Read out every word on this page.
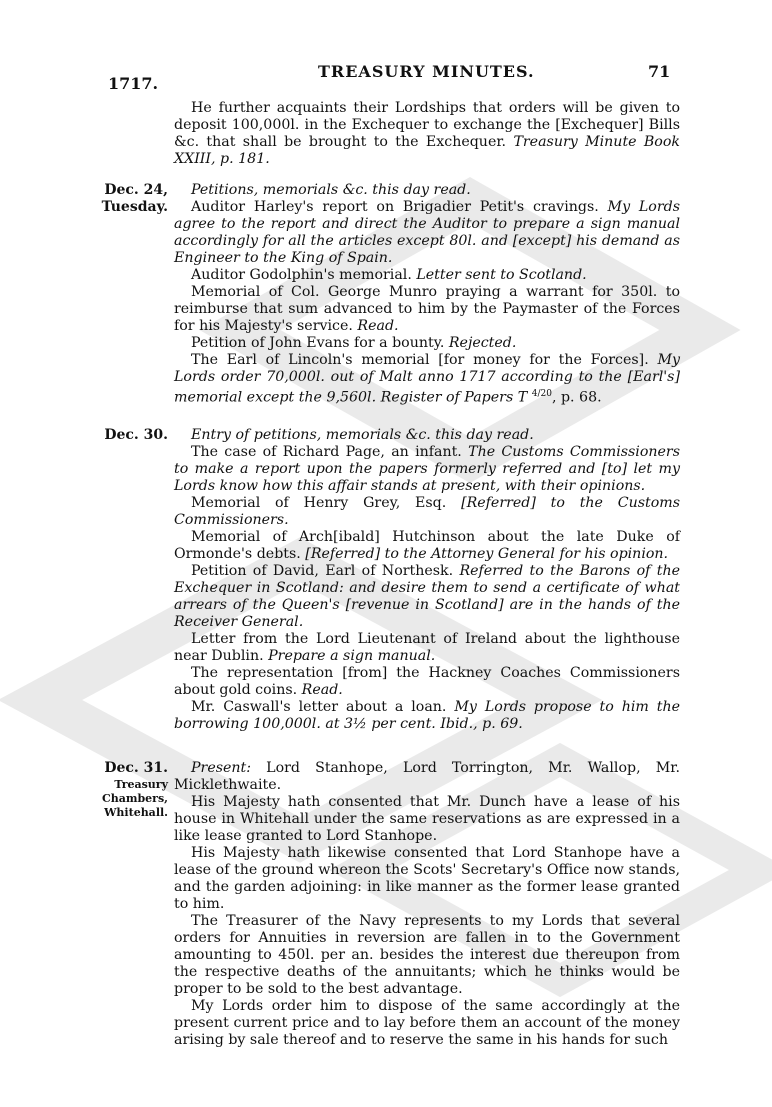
1717.
TREASURY MINUTES.	71

He further acquaints their Lordships that orders will be given to deposit 100,000l. in the Exchequer to exchange the [Exchequer] Bills &c. that shall be brought to the Exchequer. Treasury Minute Book XXIII, p. 181.

Dec. 24,
Tuesday.

Petitions, memorials &c. this day read.

Auditor Harley's report on Brigadier Petit's cravings. My Lords agree to the report and direct the Auditor to prepare a sign manual accordingly for all the articles except 80l. and [except] his demand as Engineer to the King of Spain.

Auditor Godolphin's memorial. Letter sent to Scotland.

Memorial of Col. George Munro praying a warrant for 350l. to reimburse that sum advanced to him by the Paymaster of the Forces for his Majesty's service. Read.

Petition of John Evans for a bounty. Rejected.

The Earl of Lincoln's memorial [for money for the Forces]. My Lords order 70,000l. out of Malt anno 1717 according to the [Earl's] memorial except the 9,560l. Register of Papers T $^{4/20}$, p. 68.

Dec. 30.	Entry of petitions, memorials &c. this day read.

The case of Richard Page, an infant. The Customs Commissioners to make a report upon the papers formerly referred and [to] let my Lords know how this affair stands at present, with their opinions.

Memorial of Henry Grey, Esq. [Referred] to the Customs Commissioners.

Memorial of Arch[ibald] Hutchinson about the late Duke of Ormonde's debts. [Referred] to the Attorney General for his opinion.

Petition of David, Earl of Northesk. Referred to the Barons of the Exchequer in Scotland: and desire them to send a certificate of what arrears of the Queen's [revenue in Scotland] are in the hands of the Receiver General.

Letter from the Lord Lieutenant of Ireland about the lighthouse near Dublin. Prepare a sign manual.

The representation [from] the Hackney Coaches Commissioners about gold coins. Read.

Mr. Caswall's letter about a loan. My Lords propose to him the borrowing 100,000l. at 3½ per cent. Ibid., p. 69.

Dec. 31.
Treasury
Chambers,
Whitehall.

Present: Lord Stanhope, Lord Torrington, Mr. Wallop, Mr. Micklethwaite.

His Majesty hath consented that Mr. Dunch have a lease of his house in Whitehall under the same reservations as are expressed in a like lease granted to Lord Stanhope.

His Majesty hath likewise consented that Lord Stanhope have a lease of the ground whereon the Scots' Secretary's Office now stands, and the garden adjoining: in like manner as the former lease granted to him.

The Treasurer of the Navy represents to my Lords that several orders for Annuities in reversion are fallen in to the Government amounting to 450l. per an. besides the interest due thereupon from the respective deaths of the annuitants; which he thinks would be proper to be sold to the best advantage.

My Lords order him to dispose of the same accordingly at the present current price and to lay before them an account of the money arising by sale thereof and to reserve the same in his hands for such
